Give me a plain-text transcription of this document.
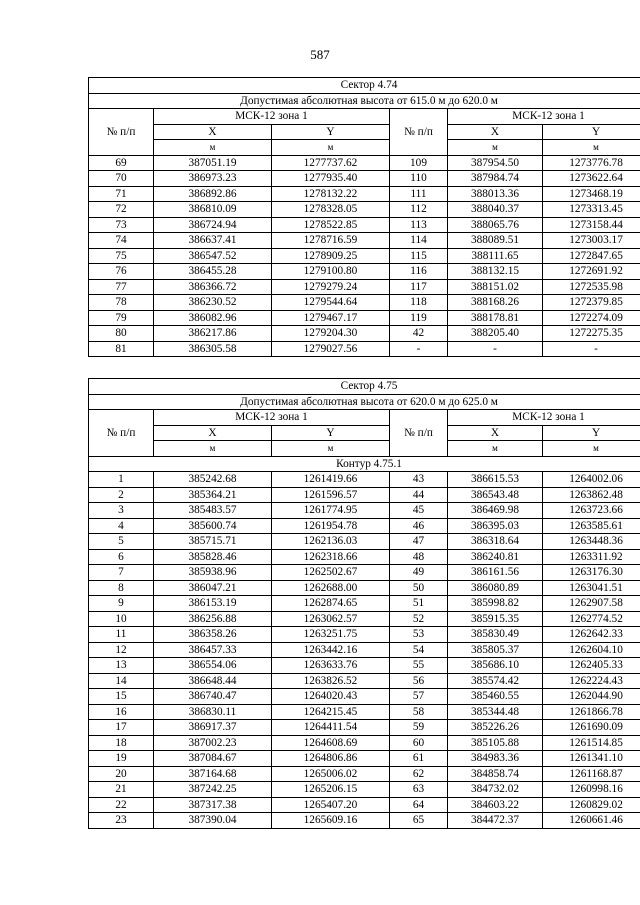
587
Сектор 4.74					
Допустимая абсолютная высота от 615.0 м до 620.0 м					
№ п/п	МСК-12 зона 1		№ п/п	МСК-12 зона 1	
	X	Y		X	Y
	м	м		м	м
69	387051.19	1277737.62	109	387954.50	1273776.78
70	386973.23	1277935.40	110	387984.74	1273622.64
71	386892.86	1278132.22	111	388013.36	1273468.19
72	386810.09	1278328.05	112	388040.37	1273313.45
73	386724.94	1278522.85	113	388065.76	1273158.44
74	386637.41	1278716.59	114	388089.51	1273003.17
75	386547.52	1278909.25	115	388111.65	1272847.65
76	386455.28	1279100.80	116	388132.15	1272691.92
77	386366.72	1279279.24	117	388151.02	1272535.98
78	386230.52	1279544.64	118	388168.26	1272379.85
79	386082.96	1279467.17	119	388178.81	1272274.09
80	386217.86	1279204.30	42	388205.40	1272275.35
81	386305.58	1279027.56	-	-	-
Сектор 4.75					
Допустимая абсолютная высота от 620.0 м до 625.0 м					
№ п/п	МСК-12 зона 1		№ п/п	МСК-12 зона 1	
	X	Y		X	Y
	м	м		м	м
Контур 4.75.1					
1	385242.68	1261419.66	43	386615.53	1264002.06
2	385364.21	1261596.57	44	386543.48	1263862.48
3	385483.57	1261774.95	45	386469.98	1263723.66
4	385600.74	1261954.78	46	386395.03	1263585.61
5	385715.71	1262136.03	47	386318.64	1263448.36
6	385828.46	1262318.66	48	386240.81	1263311.92
7	385938.96	1262502.67	49	386161.56	1263176.30
8	386047.21	1262688.00	50	386080.89	1263041.51
9	386153.19	1262874.65	51	385998.82	1262907.58
10	386256.88	1263062.57	52	385915.35	1262774.52
11	386358.26	1263251.75	53	385830.49	1262642.33
12	386457.33	1263442.16	54	385805.37	1262604.10
13	386554.06	1263633.76	55	385686.10	1262405.33
14	386648.44	1263826.52	56	385574.42	1262224.43
15	386740.47	1264020.43	57	385460.55	1262044.90
16	386830.11	1264215.45	58	385344.48	1261866.78
17	386917.37	1264411.54	59	385226.26	1261690.09
18	387002.23	1264608.69	60	385105.88	1261514.85
19	387084.67	1264806.86	61	384983.36	1261341.10
20	387164.68	1265006.02	62	384858.74	1261168.87
21	387242.25	1265206.15	63	384732.02	1260998.16
22	387317.38	1265407.20	64	384603.22	1260829.02
23	387390.04	1265609.16	65	384472.37	1260661.46
